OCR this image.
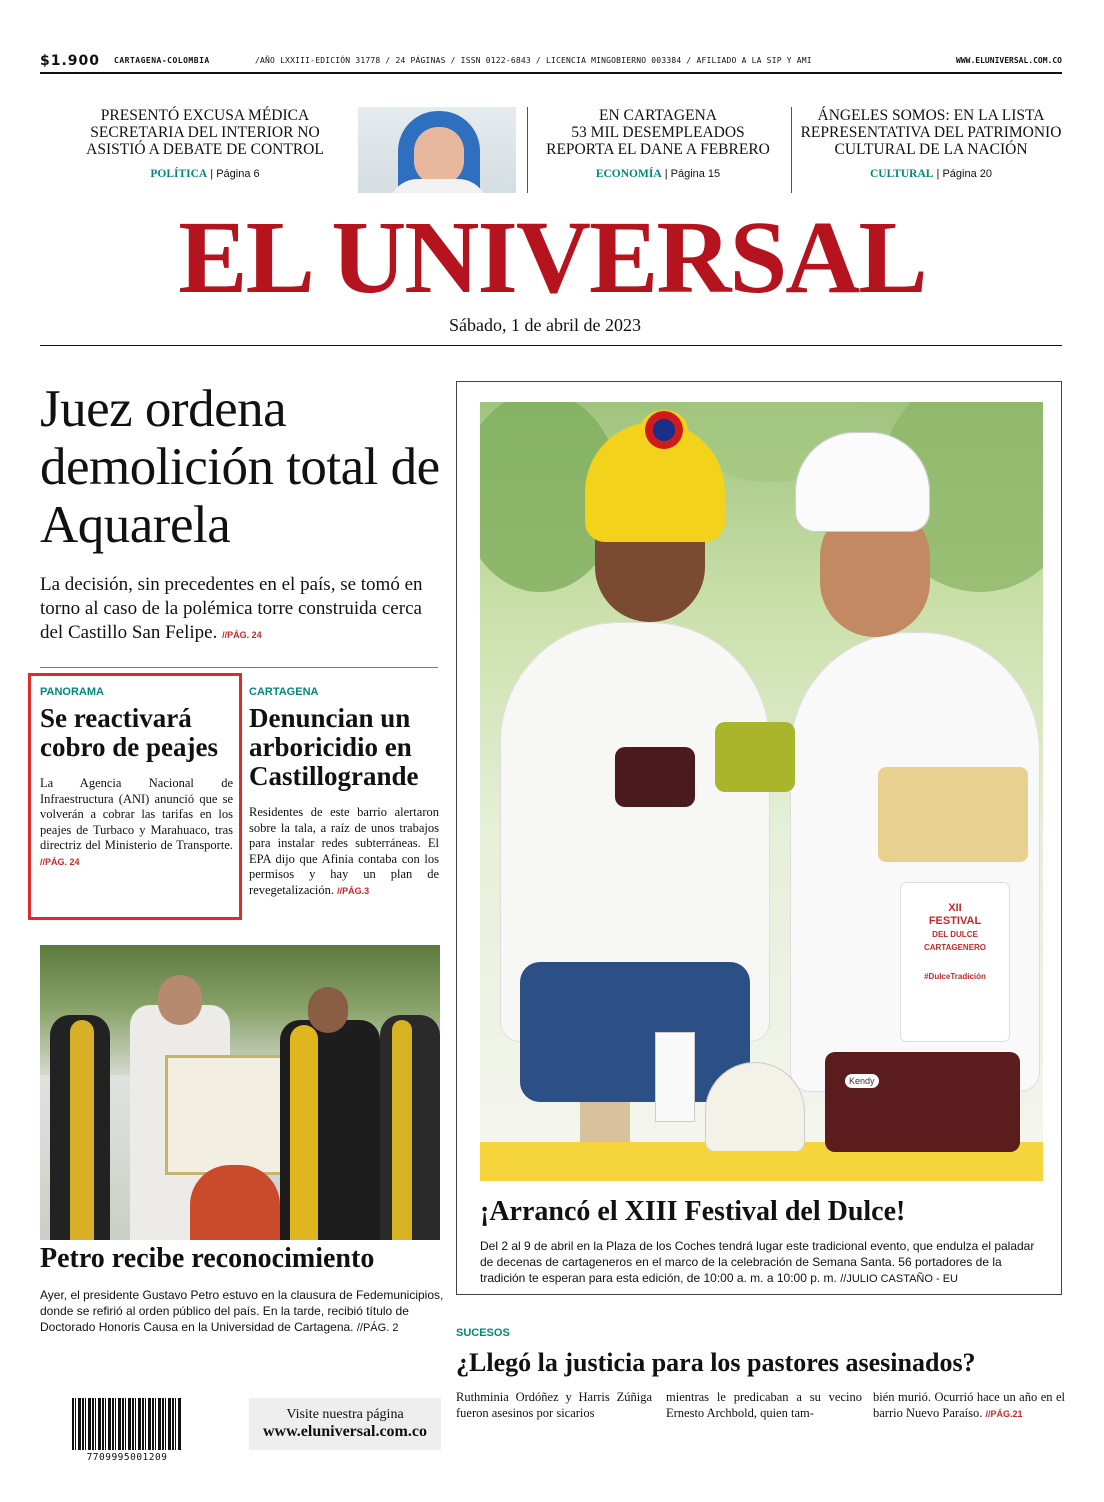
$1.900 CARTAGENA-COLOMBIA	/AÑO LXXIII-EDICIÓN 31778 / 24 PÁGINAS / ISSN 0122-6843 / LICENCIA MINGOBIERNO 003384 / AFILIADO A LA SIP Y AMI	WWW.ELUNIVERSAL.COM.CO
PRESENTÓ EXCUSA MÉDICA
SECRETARIA DEL INTERIOR NO
ASISTIÓ A DEBATE DE CONTROL
POLÍTICA | Página 6
EN CARTAGENA
53 MIL DESEMPLEADOS
REPORTA EL DANE A FEBRERO
ECONOMÍA | Página 15
ÁNGELES SOMOS: EN LA LISTA
REPRESENTATIVA DEL PATRIMONIO
CULTURAL DE LA NACIÓN
CULTURAL | Página 20
EL UNIVERSAL
Sábado, 1 de abril de 2023
Juez ordena demolición total de Aquarela
La decisión, sin precedentes en el país, se tomó en torno al caso de la polémica torre construida cerca del Castillo San Felipe. //PÁG. 24
PANORAMA
Se reactivará cobro de peajes
La Agencia Nacional de Infraestructura (ANI) anunció que se volverán a cobrar las tarifas en los peajes de Turbaco y Marahuaco, tras directriz del Ministerio de Transporte. //PÁG. 24
CARTAGENA
Denuncian un arboricidio en Castillogrande
Residentes de este barrio alertaron sobre la tala, a raíz de unos trabajos para instalar redes subterráneas. El EPA dijo que Afinia contaba con los permisos y hay un plan de revegetalización. //PÁG.3
Petro recibe reconocimiento
Ayer, el presidente Gustavo Petro estuvo en la clausura de Fedemunicipios, donde se refirió al orden público del país. En la tarde, recibió título de Doctorado Honoris Causa en la Universidad de Cartagena. //PÁG. 2
7709995001209
Visite nuestra página
www.eluniversal.com.co
XII
FESTIVAL
DEL DULCE
CARTAGENERO
#DulceTradición
Kendy
¡Arrancó el XIII Festival del Dulce!
Del 2 al 9 de abril en la Plaza de los Coches tendrá lugar este tradicional evento, que endulza el paladar de decenas de cartageneros en el marco de la celebración de Semana Santa. 56 portadores de la tradición te esperan para esta edición, de 10:00 a. m. a 10:00 p. m. //JULIO CASTAÑO - EU
SUCESOS
¿Llegó la justicia para los pastores asesinados?
Ruthminia Ordóñez y Harris Zúñiga fueron asesinos por sicarios
mientras le predicaban a su vecino Ernesto Archbold, quien tam-
bién murió. Ocurrió hace un año en el barrio Nuevo Paraíso. //PÁG.21
